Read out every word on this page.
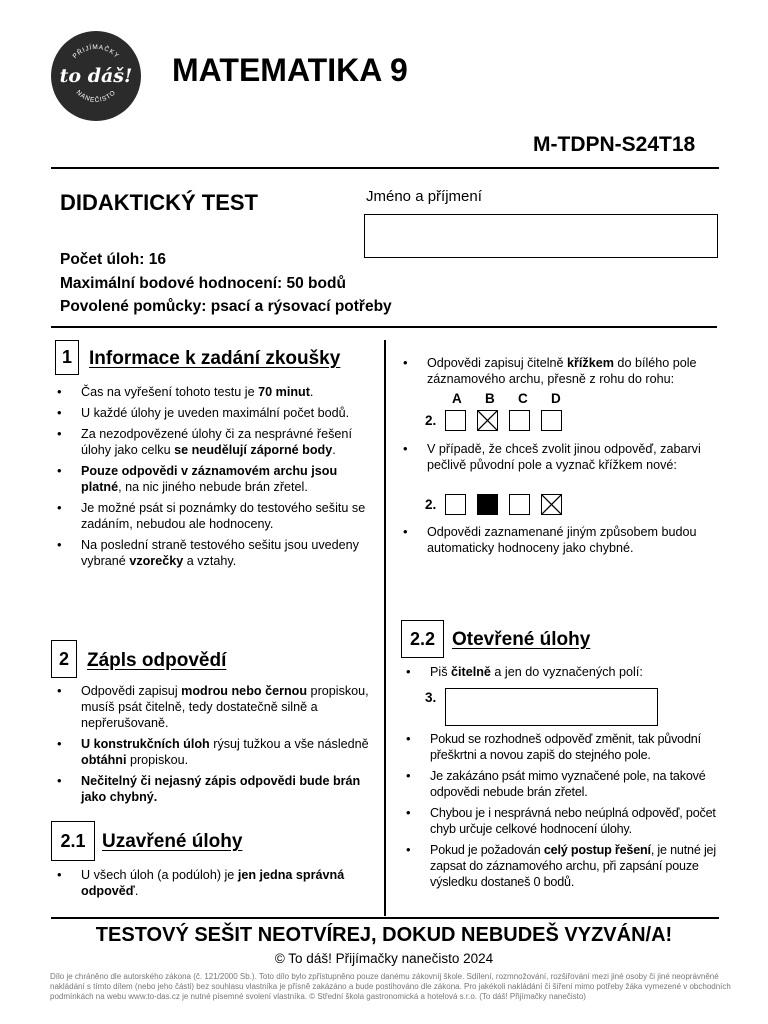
PŘIJÍMAČKY
to dáš!
NANEČISTO
MATEMATIKA 9
M-TDPN-S24T18
DIDAKTICKÝ TEST	Jméno a příjmení
Počet úloh: 16
Maximální bodové hodnocení: 50 bodů
Povolené pomůcky: psací a rýsovací potřeby
1 Informace k zadání zkoušky
• Čas na vyřešení tohoto testu je 70 minut.
• U každé úlohy je uveden maximální počet bodů.
• Za nezodpovězené úlohy či za nesprávné řešení úlohy jako celku se neudělují záporné body.
• Pouze odpovědi v záznamovém archu jsou platné, na nic jiného nebude brán zřetel.
• Je možné psát si poznámky do testového sešitu se zadáním, nebudou ale hodnoceny.
• Na poslední straně testového sešitu jsou uvedeny vybrané vzorečky a vztahy.
2 Zápls odpovědí
• Odpovědi zapisuj modrou nebo černou propiskou, musíš psát čitelně, tedy dostatečně silně a nepřerušovaně.
• U konstrukčních úloh rýsuj tužkou a vše následně obtáhni propiskou.
• Nečitelný či nejasný zápis odpovědi bude brán jako chybný.
2.1 Uzavřené úlohy
• U všech úloh (a podúloh) je jen jedna správná odpověď.
• Odpovědi zapisuj čitelně křížkem do bílého pole záznamového archu, přesně z rohu do rohu:
A	B	C	D
2.
• V případě, že chceš zvolit jinou odpověď, zabarvi pečlivě původní pole a vyznač křížkem nové:
2.
• Odpovědi zaznamenané jiným způsobem budou automaticky hodnoceny jako chybné.
2.2 Otevřené úlohy
• Piš čitelně a jen do vyznačených polí:
3.
• Pokud se rozhodneš odpověď změnit, tak původní přeškrtni a novou zapiš do stejného pole.
• Je zakázáno psát mimo vyznačené pole, na takové odpovědi nebude brán zřetel.
• Chybou je i nesprávná nebo neúplná odpověď, počet chyb určuje celkové hodnocení úlohy.
• Pokud je požadován celý postup řešení, je nutné jej zapsat do záznamového archu, při zapsání pouze výsledku dostaneš 0 bodů.
TESTOVÝ SEŠIT NEOTVÍREJ, DOKUD NEBUDEŠ VYZVÁN/A!
© To dáš! Přijímačky nanečisto 2024
Dílo je chráněno dle autorského zákona (č. 121/2000 Sb.). Toto dílo bylo zpřístupněno pouze danému zákovníj škole. Sdílení, rozmnožování, rozšiřování mezi jiné osoby či jiné neoprávněné nakládání s tímto dílem (nebo jeho části) bez souhlasu vlastníka je přísně zakázáno a bude postihováno dle zákona. Pro jakékoli nakládání či šíření mimo potřeby žáka vymezené v obchodních podmínkách na webu www.to-das.cz je nutné písemné svolení vlastníka. © Střední škola gastronomická a hotelová s.r.o. (To dáš! Přijímačky nanečisto)
